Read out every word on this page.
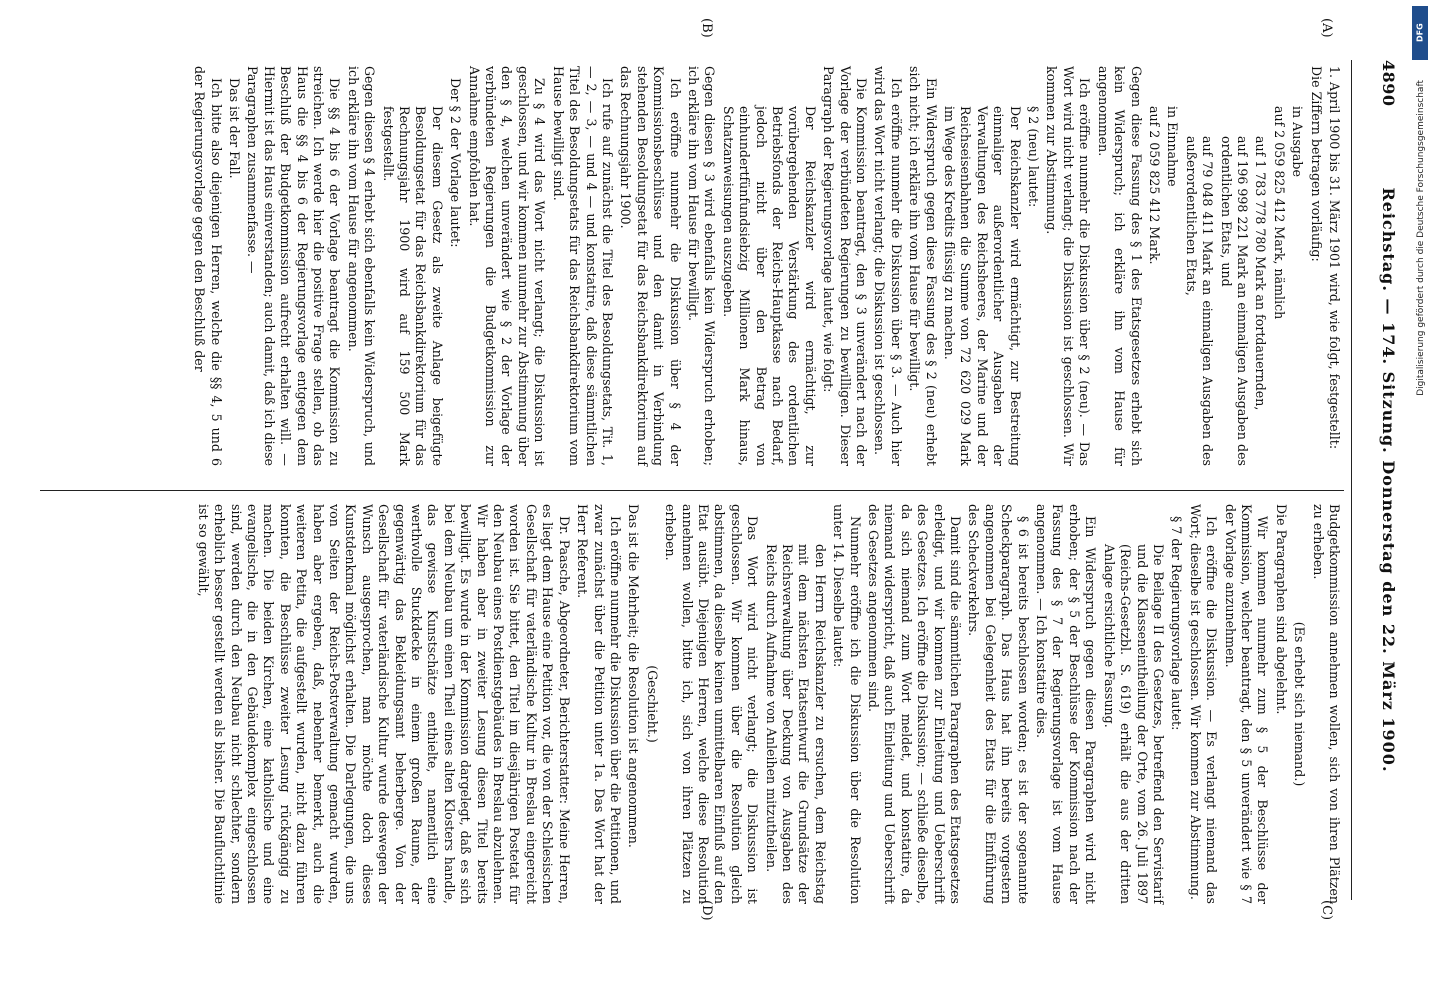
4890
Reichstag. — 174. Sitzung. Donnerstag den 22. März 1900.
(A)
(B)
(C)
(D)

1. April 1900 bis 31. März 1901 wird, wie folgt, festgestellt:

Die Ziffern betragen vorläufig:

in Ausgabe

auf 2 059 825 412 Mark, nämlich

auf 1 783 778 780 Mark an fortdauernden,

auf 196 998 221 Mark an einmaligen Ausgaben des ordentlichen Etats, und

auf 79 048 411 Mark an einmaligen Ausgaben des außerordentlichen Etats,

in Einnahme

auf 2 059 825 412 Mark.

Gegen diese Fassung des § 1 des Etatsgesetzes erhebt sich kein Widerspruch; ich erkläre ihn vom Hause für angenommen.

Ich eröffne nunmehr die Diskussion über § 2 (neu). — Das Wort wird nicht verlangt; die Diskussion ist geschlossen. Wir kommen zur Abstimmung.

§ 2 (neu) lautet:

Der Reichskanzler wird ermächtigt, zur Bestreitung einmaliger außerordentlicher Ausgaben der Verwaltungen des Reichsheeres, der Marine und der Reichseisenbahnen die Summe von 72 620 029 Mark im Wege des Kredits flüssig zu machen.

Ein Widerspruch gegen diese Fassung des § 2 (neu) erhebt sich nicht; ich erkläre ihn vom Hause für bewilligt.

Ich eröffne nunmehr die Diskussion über § 3. — Auch hier wird das Wort nicht verlangt; die Diskussion ist geschlossen.

Die Kommission beantragt, den § 3 unverändert nach der Vorlage der verbündeten Regierungen zu bewilligen. Dieser Paragraph der Regierungsvorlage lautet, wie folgt:

Der Reichskanzler wird ermächtigt, zur vorübergehenden Verstärkung des ordentlichen Betriebsfonds der Reichs-Hauptkasse nach Bedarf, jedoch nicht über den Betrag von einhundertfünfundsiebzig Millionen Mark hinaus, Schatzanweisungen auszugeben.

Gegen diesen § 3 wird ebenfalls kein Widerspruch erhoben; ich erkläre ihn vom Hause für bewilligt.

Ich eröffne nunmehr die Diskussion über § 4 der Kommissionsbeschlüsse und den damit in Verbindung stehenden Besoldungsetat für das Reichsbankdirektorium auf das Rechnungsjahr 1900.

Ich rufe auf zunächst die Titel des Besoldungsetats, Tit. 1, — 2, — 3, — und 4 — und konstatire, daß diese sämmtlichen Titel des Besoldungsetats für das Reichsbankdirektorium vom Hause bewilligt sind.

Zu § 4 wird das Wort nicht verlangt; die Diskussion ist geschlossen, und wir kommen nunmehr zur Abstimmung über den § 4, welchen unverändert wie § 2 der Vorlage der verbündeten Regierungen die Budgetkommission zur Annahme empfohlen hat.

Der § 2 der Vorlage lautet:

Der diesem Gesetz als zweite Anlage beigefügte Besoldungsetat für das Reichsbankdirektorium für das Rechnungsjahr 1900 wird auf 159 500 Mark festgestellt.

Gegen diesen § 4 erhebt sich ebenfalls kein Widerspruch, und ich erkläre ihn vom Hause für angenommen.

Die §§ 4 bis 6 der Vorlage beantragt die Kommission zu streichen. Ich werde hier die positive Frage stellen, ob das Haus die §§ 4 bis 6 der Regierungsvorlage entgegen dem Beschluß der Budgetkommission aufrecht erhalten will. — Hiermit ist das Haus einverstanden; auch damit, daß ich diese Paragraphen zusammenfasse. —

Das ist der Fall.

Ich bitte also diejenigen Herren, welche die §§ 4, 5 und 6 der Regierungsvorlage gegen den Beschluß der

Budgetkommission annehmen wollen, sich von ihren Plätzen zu erheben.

(Es erhebt sich niemand.)

Die Paragraphen sind abgelehnt.

Wir kommen nunmehr zum § 5 der Beschlüsse der Kommission, welcher beantragt, den § 5 unverändert wie § 7 der Vorlage anzunehmen.

Ich eröffne die Diskussion. — Es verlangt niemand das Wort; dieselbe ist geschlossen. Wir kommen zur Abstimmung.

§ 7 der Regierungsvorlage lautet:

Die Beilage II des Gesetzes, betreffend den Servistarif und die Klasseneintheilung der Orte, vom 26. Juli 1897 (Reichs-Gesetzbl. S. 619) erhält die aus der dritten Anlage ersichtliche Fassung.

Ein Widerspruch gegen diesen Paragraphen wird nicht erhoben; der § 5 der Beschlüsse der Kommission nach der Fassung des § 7 der Regierungsvorlage ist vom Hause angenommen. — Ich konstatire dies.

§ 6 ist bereits beschlossen worden; es ist der sogenannte Scheckparagraph. Das Haus hat ihn bereits vorgestern angenommen bei Gelegenheit des Etats für die Einführung des Scheckverkehrs.

Damit sind die sämmtlichen Paragraphen des Etatsgesetzes erledigt, und wir kommen zur Einleitung und Ueberschrift des Gesetzes. Ich eröffne die Diskussion; — schließe dieselbe, da sich niemand zum Wort meldet, und konstatire, da niemand widerspricht, daß auch Einleitung und Ueberschrift des Gesetzes angenommen sind.

Nunmehr eröffne ich die Diskussion über die Resolution unter 14. Dieselbe lautet:

den Herrn Reichskanzler zu ersuchen, dem Reichstag mit dem nächsten Etatsentwurf die Grundsätze der Reichsverwaltung über Deckung von Ausgaben des Reichs durch Aufnahme von Anleihen mitzutheilen.

Das Wort wird nicht verlangt; die Diskussion ist geschlossen. Wir kommen über die Resolution gleich abstimmen, da dieselbe keinen unmittelbaren Einfluß auf den Etat ausübt. Diejenigen Herren, welche diese Resolution annehmen wollen, bitte ich, sich von ihren Plätzen zu erheben.

(Geschieht.)

Das ist die Mehrheit; die Resolution ist angenommen.

Ich eröffne nunmehr die Diskussion über die Petitionen, und zwar zunächst über die Petition unter 1a. Das Wort hat der Herr Referent.

Dr. Paasche, Abgeordneter, Berichterstatter: Meine Herren, es liegt dem Hause eine Petition vor, die von der Schlesischen Gesellschaft für vaterländische Kultur in Breslau eingereicht worden ist. Sie bittet, den Titel im diesjährigen Postetat für den Neubau eines Postdienstgebäudes in Breslau abzulehnen. Wir haben aber in zweiter Lesung diesen Titel bereits bewilligt. Es wurde in der Kommission dargelegt, daß es sich bei dem Neubau um einen Theil eines alten Klosters handle, das gewisse Kunstschätze enthielte, namentlich eine werthvolle Stuckdecke in einem großen Raume, der gegenwärtig das Bekleidungsamt beherberge. Von der Gesellschaft für vaterländische Kultur wurde deswegen der Wunsch ausgesprochen, man möchte doch dieses Kunstdenkmal möglichst erhalten. Die Darlegungen, die uns von Seiten der Reichs-Postverwaltung gemacht wurden, haben aber ergeben, daß, nebenher bemerkt, auch die weiteren Petita, die aufgestellt wurden, nicht dazu führen konnten, die Beschlüsse zweiter Lesung rückgängig zu machen. Die beiden Kirchen, eine katholische und eine evangelische, die in den Gebäudekomplex eingeschlossen sind, werden durch den Neubau nicht schlechter, sondern erheblich besser gestellt werden als bisher. Die Baufluchtlinie ist so gewählt,

DFG
Digitalisierung gefördert durch die Deutsche Forschungsgemeinschaft
